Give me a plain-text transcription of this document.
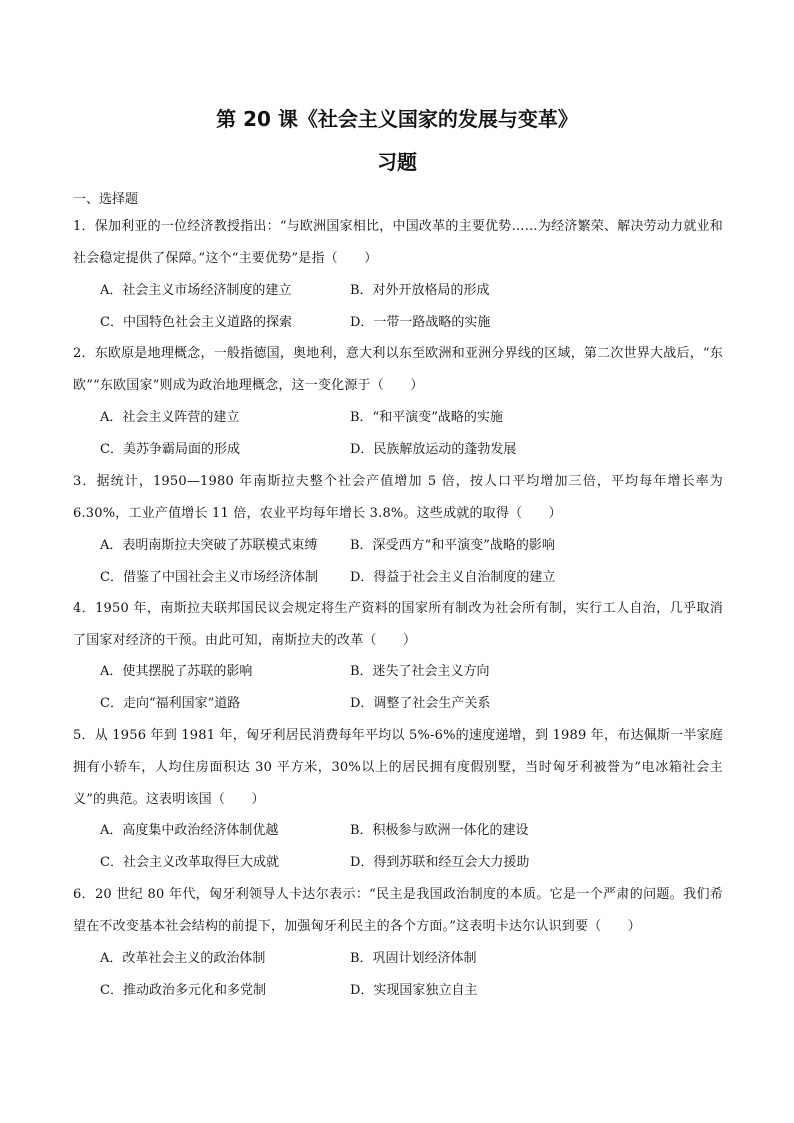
第 20 课《社会主义国家的发展与变革》
习题
一、选择题
1．保加利亚的一位经济教授指出：“与欧洲国家相比，中国改革的主要优势……为经济繁荣、解决劳动力就业和社会稳定提供了保障。”这个“主要优势”是指（　　）
A．社会主义市场经济制度的建立	B．对外开放格局的形成
C．中国特色社会主义道路的探索	D．一带一路战略的实施
2．东欧原是地理概念，一般指德国，奥地利，意大利以东至欧洲和亚洲分界线的区域，第二次世界大战后，“东欧”“东欧国家”则成为政治地理概念，这一变化源于（　　）
A．社会主义阵营的建立	B．“和平演变”战略的实施
C．美苏争霸局面的形成	D．民族解放运动的蓬勃发展
3．据统计，1950—1980 年南斯拉夫整个社会产值增加 5 倍，按人口平均增加三倍，平均每年增长率为 6.30%，工业产值增长 11 倍，农业平均每年增长 3.8%。这些成就的取得（　　）
A．表明南斯拉夫突破了苏联模式束缚	B．深受西方“和平演变”战略的影响
C．借鉴了中国社会主义市场经济体制 D．得益于社会主义自治制度的建立
4．1950 年，南斯拉夫联邦国民议会规定将生产资料的国家所有制改为社会所有制，实行工人自治，几乎取消了国家对经济的干预。由此可知，南斯拉夫的改革（　　）
A．使其摆脱了苏联的影响	B．迷失了社会主义方向
C．走向“福利国家”道路	D．调整了社会生产关系
5．从 1956 年到 1981 年，匈牙利居民消费每年平均以 5%-6%的速度递增，到 1989 年，布达佩斯一半家庭拥有小轿车，人均住房面积达 30 平方米，30%以上的居民拥有度假别墅，当时匈牙利被誉为“电冰箱社会主义”的典范。这表明该国（　　）
A．高度集中政治经济体制优越	B．积极参与欧洲一体化的建设
C．社会主义改革取得巨大成就	D．得到苏联和经互会大力援助
6．20 世纪 80 年代，匈牙利领导人卡达尔表示：“民主是我国政治制度的本质。它是一个严肃的问题。我们希望在不改变基本社会结构的前提下，加强匈牙利民主的各个方面。”这表明卡达尔认识到要（　　）
A．改革社会主义的政治体制	B．巩固计划经济体制
C．推动政治多元化和多党制	D．实现国家独立自主
